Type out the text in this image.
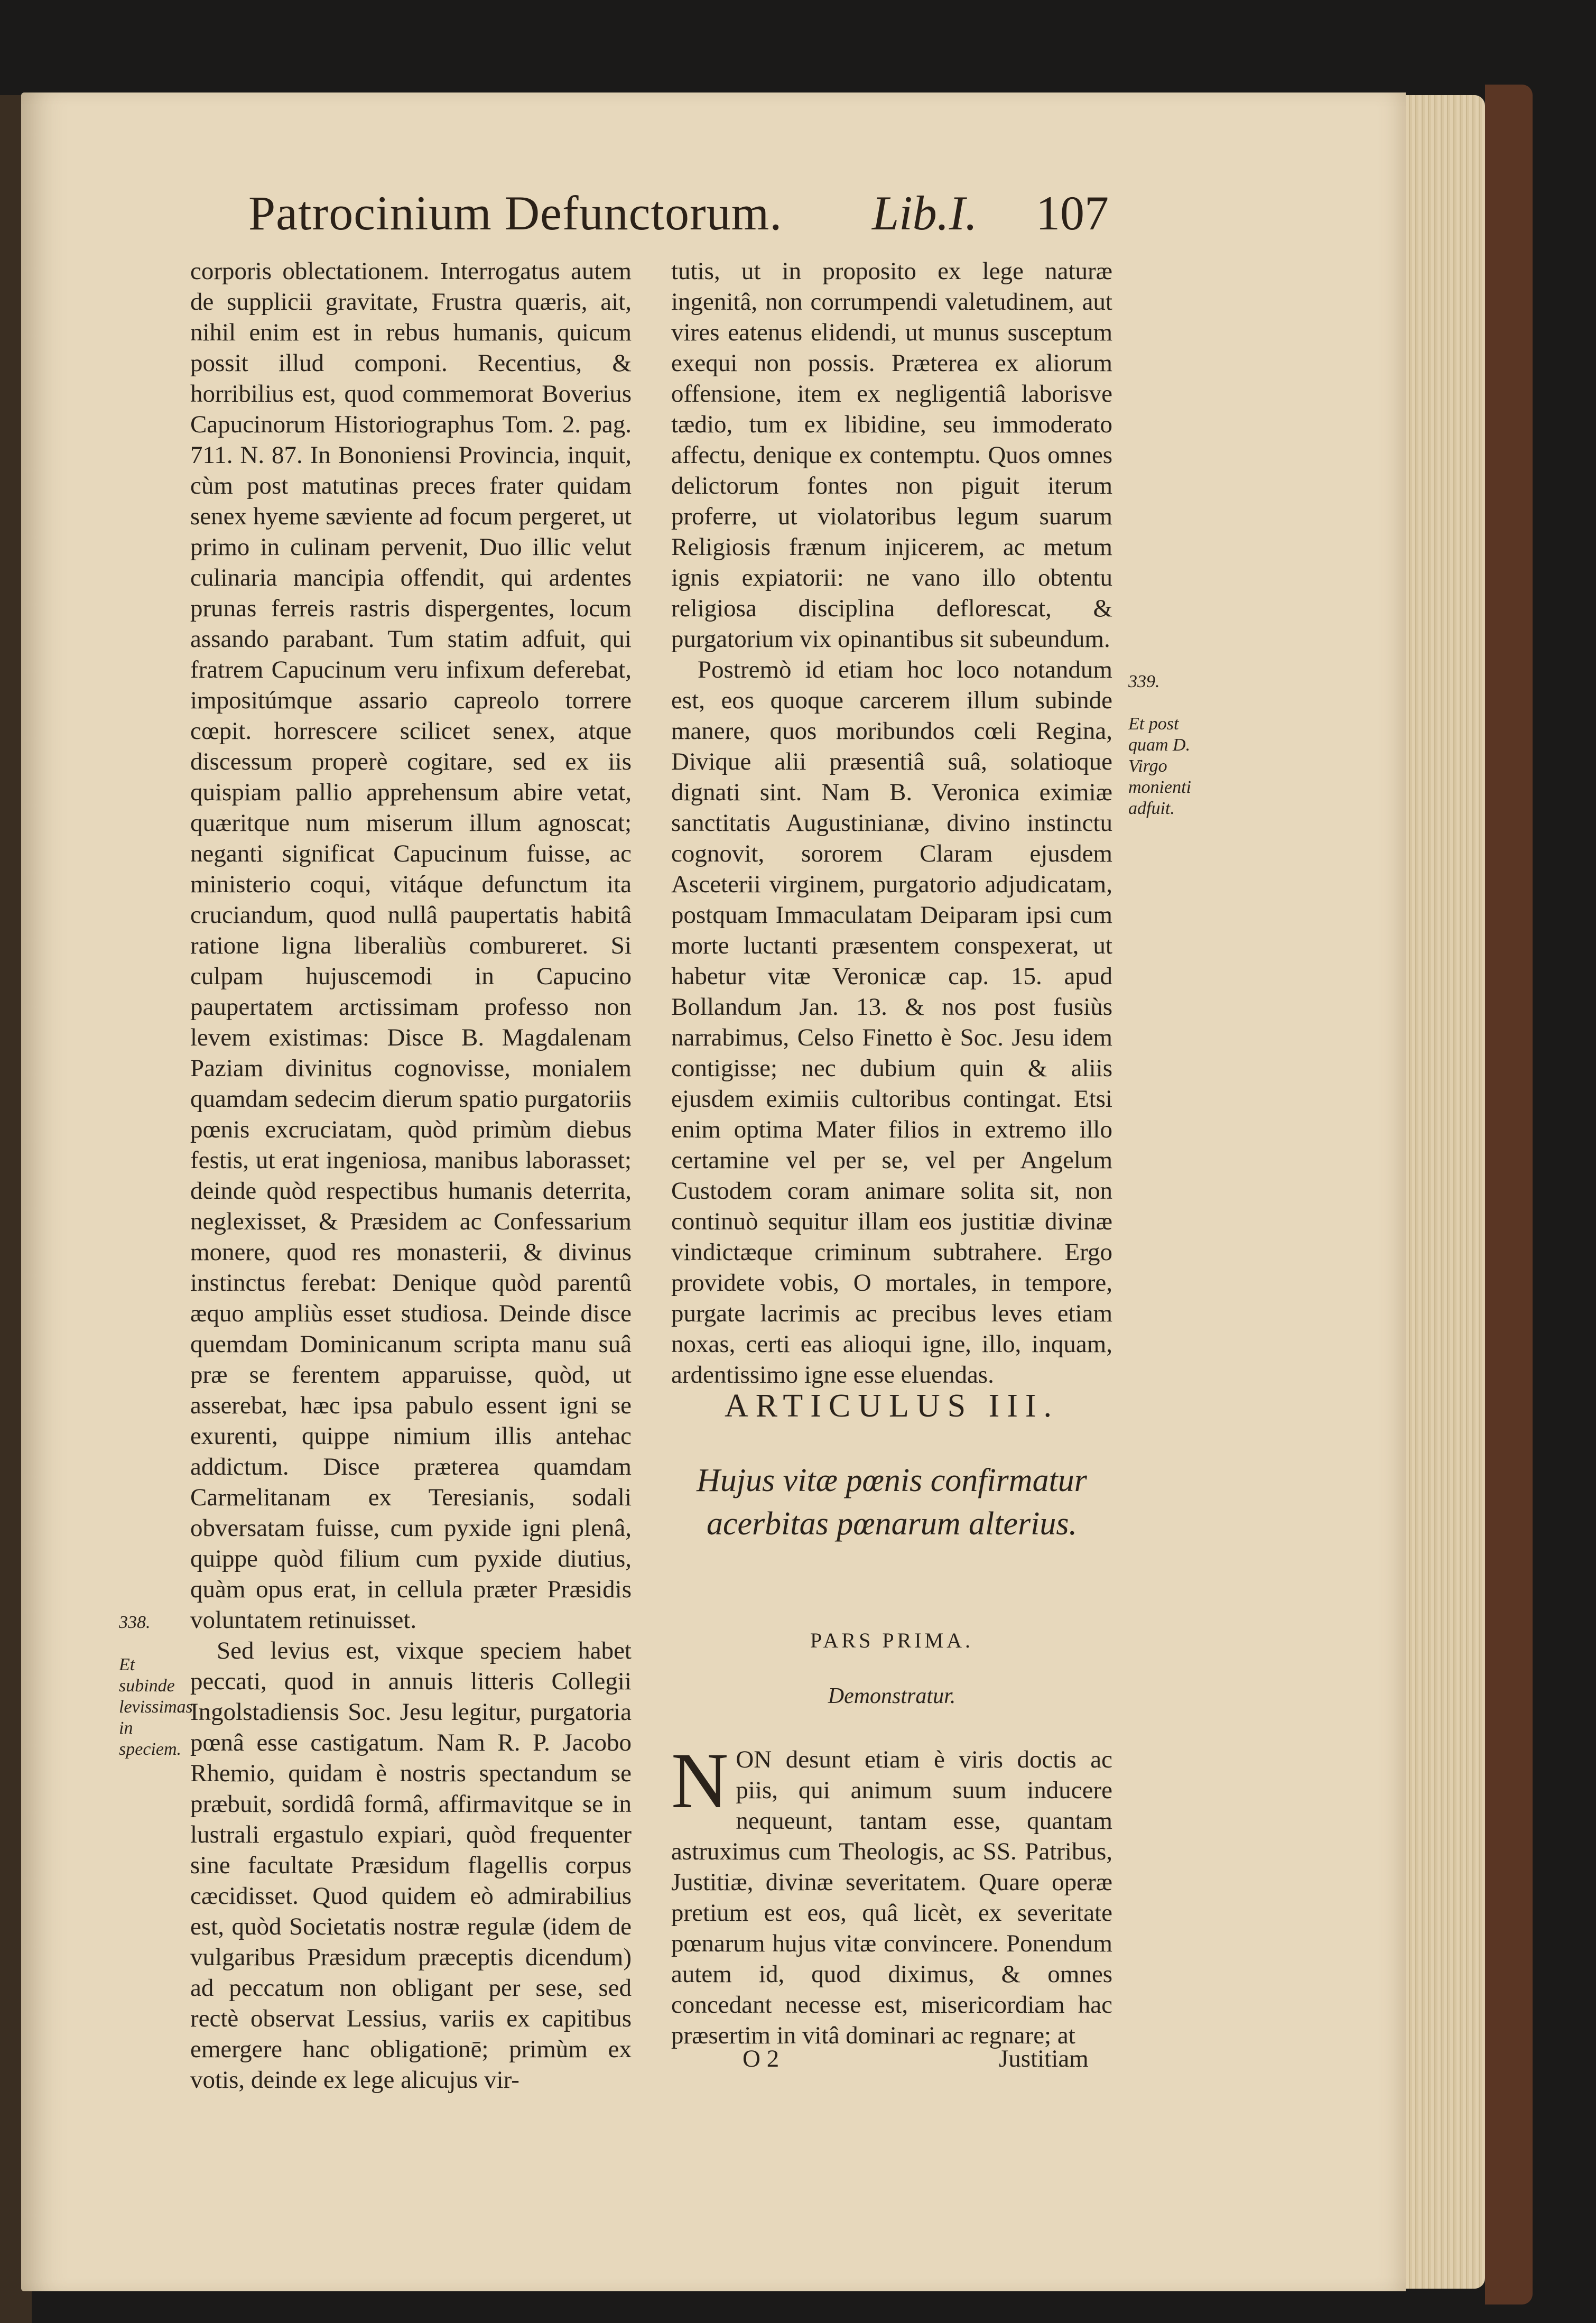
Patrocinium Defunctorum. Lib.I. 107

corporis oblectationem. Interrogatus autem de supplicii gravitate, Frustra quæris, ait, nihil enim est in rebus humanis, quicum possit illud componi. Recentius, & horribilius est, quod commemorat Boverius Capucinorum Historiographus Tom. 2. pag. 711. N. 87. In Bononiensi Provincia, inquit, cùm post matutinas preces frater quidam senex hyeme sæviente ad focum pergeret, ut primo in culinam pervenit, Duo illic velut culinaria mancipia offendit, qui ardentes prunas ferreis rastris dispergentes, locum assando parabant. Tum statim adfuit, qui fratrem Capucinum veru infixum deferebat, impositúmque assario capreolo torrere cœpit. horrescere scilicet senex, atque discessum properè cogitare, sed ex iis quispiam pallio apprehensum abire vetat, quæritque num miserum illum agnoscat; neganti significat Capucinum fuisse, ac ministerio coqui, vitáque defunctum ita cruciandum, quod nullâ paupertatis habitâ ratione ligna liberaliùs combureret. Si culpam hujuscemodi in Capucino paupertatem arctissimam professo non levem existimas: Disce B. Magdalenam Paziam divinitus cognovisse, monialem quamdam sedecim dierum spatio purgatoriis pœnis excruciatam, quòd primùm diebus festis, ut erat ingeniosa, manibus laborasset; deinde quòd respectibus humanis deterrita, neglexisset, & Præsidem ac Confessarium monere, quod res monasterii, & divinus instinctus ferebat: Denique quòd parentû æquo ampliùs esset studiosa. Deinde disce quemdam Dominicanum scripta manu suâ præ se ferentem apparuisse, quòd, ut asserebat, hæc ipsa pabulo essent igni se exurenti, quippe nimium illis antehac addictum. Disce præterea quamdam Carmelitanam ex Teresianis, sodali obversatam fuisse, cum pyxide igni plenâ, quippe quòd filium cum pyxide diutius, quàm opus erat, in cellula præter Præsidis voluntatem retinuisset.

Sed levius est, vixque speciem habet peccati, quod in annuis litteris Collegii Ingolstadiensis Soc. Jesu legitur, purgatoria pœnâ esse castigatum. Nam R. P. Jacobo Rhemio, quidam è nostris spectandum se præbuit, sordidâ formâ, affirmavitque se in lustrali ergastulo expiari, quòd frequenter sine facultate Præsidum flagellis corpus cæcidisset. Quod quidem eò admirabilius est, quòd Societatis nostræ regulæ (idem de vulgaribus Præsidum præceptis dicendum) ad peccatum non obligant per sese, sed rectè observat Lessius, variis ex capitibus emergere hanc obligationē; primùm ex votis, deinde ex lege alicujus vir-

338.

Et subinde levissimas in speciem.

tutis, ut in proposito ex lege naturæ ingenitâ, non corrumpendi valetudinem, aut vires eatenus elidendi, ut munus susceptum exequi non possis. Præterea ex aliorum offensione, item ex negligentiâ laborisve tædio, tum ex libidine, seu immoderato affectu, denique ex contemptu. Quos omnes delictorum fontes non piguit iterum proferre, ut violatoribus legum suarum Religiosis frænum injicerem, ac metum ignis expiatorii: ne vano illo obtentu religiosa disciplina deflorescat, & purgatorium vix opinantibus sit subeundum.

Postremò id etiam hoc loco notandum est, eos quoque carcerem illum subinde manere, quos moribundos cœli Regina, Divique alii præsentiâ suâ, solatioque dignati sint. Nam B. Veronica eximiæ sanctitatis Augustinianæ, divino instinctu cognovit, sororem Claram ejusdem Asceterii virginem, purgatorio adjudicatam, postquam Immaculatam Deiparam ipsi cum morte luctanti præsentem conspexerat, ut habetur vitæ Veronicæ cap. 15. apud Bollandum Jan. 13. & nos post fusiùs narrabimus, Celso Finetto è Soc. Jesu idem contigisse; nec dubium quin & aliis ejusdem eximiis cultoribus contingat. Etsi enim optima Mater filios in extremo illo certamine vel per se, vel per Angelum Custodem coram animare solita sit, non continuò sequitur illam eos justitiæ divinæ vindictæque criminum subtrahere. Ergo providete vobis, O mortales, in tempore, purgate lacrimis ac precibus leves etiam noxas, certi eas alioqui igne, illo, inquam, ardentissimo igne esse eluendas.

339.

Et post quam D. Virgo monienti adfuit.

ARTICULUS III.
Hujus vitæ pœnis confirmatur acerbitas pœnarum alterius.
PARS PRIMA.
Demonstratur.
N ON desunt etiam è viris doctis ac piis, qui animum suum inducere nequeunt, tantam esse, quantam astruximus cum Theologis, ac SS. Patribus, Justitiæ, divinæ severitatem. Quare operæ pretium est eos, quâ licèt, ex severitate pœnarum hujus vitæ convincere. Ponendum autem id, quod diximus, & omnes concedant necesse est, misericordiam hac præsertim in vitâ dominari ac regnare; at

O 2	Justitiam
